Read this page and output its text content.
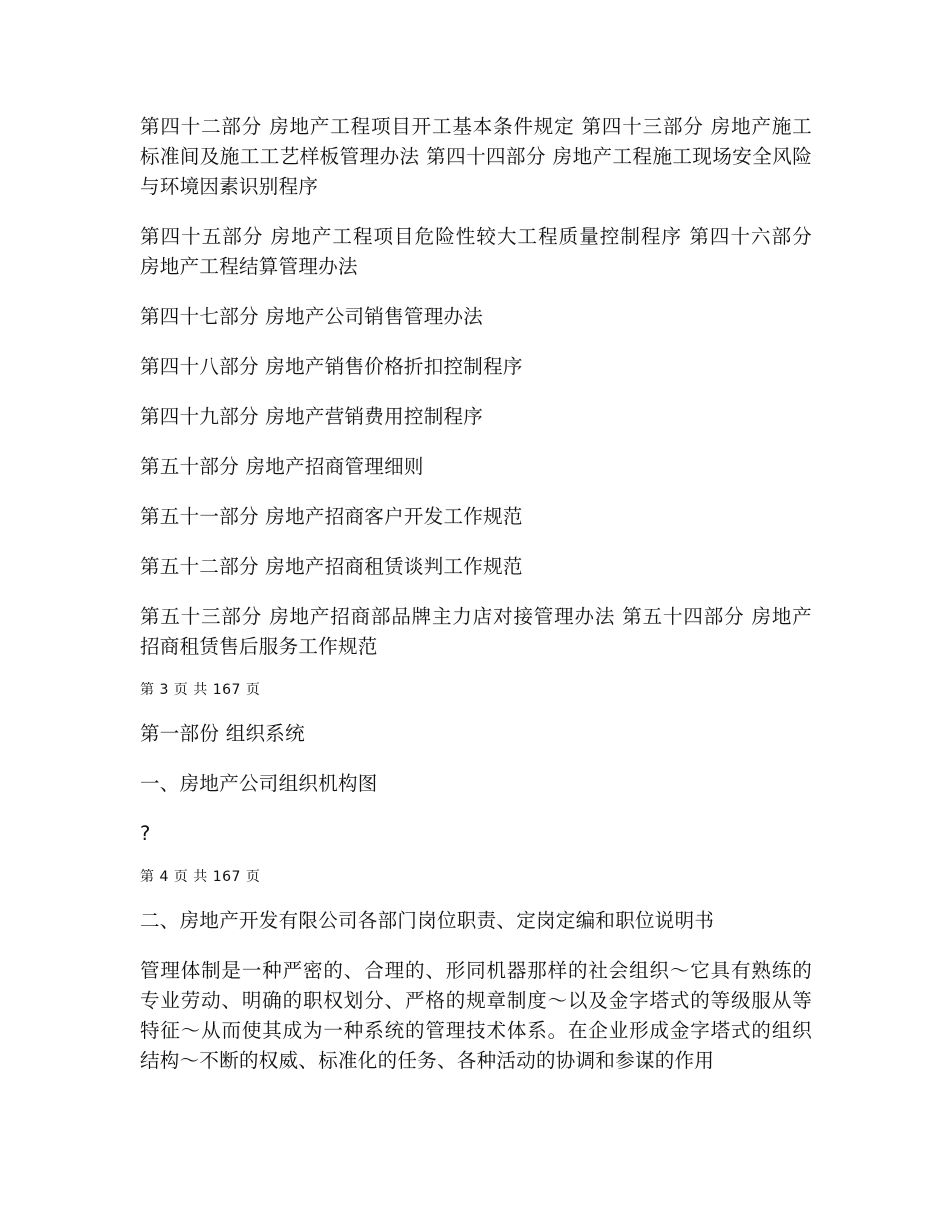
第四十二部分 房地产工程项目开工基本条件规定 第四十三部分 房地产施工标准间及施工工艺样板管理办法 第四十四部分 房地产工程施工现场安全风险与环境因素识别程序

第四十五部分 房地产工程项目危险性较大工程质量控制程序 第四十六部分 房地产工程结算管理办法

第四十七部分 房地产公司销售管理办法

第四十八部分 房地产销售价格折扣控制程序

第四十九部分 房地产营销费用控制程序

第五十部分 房地产招商管理细则

第五十一部分 房地产招商客户开发工作规范

第五十二部分 房地产招商租赁谈判工作规范

第五十三部分 房地产招商部品牌主力店对接管理办法 第五十四部分 房地产招商租赁售后服务工作规范

第 3 页 共 167 页

第一部份 组织系统

一、房地产公司组织机构图

?

第 4 页 共 167 页

二、房地产开发有限公司各部门岗位职责、定岗定编和职位说明书

管理体制是一种严密的、合理的、形同机器那样的社会组织～它具有熟练的专业劳动、明确的职权划分、严格的规章制度～以及金字塔式的等级服从等特征～从而使其成为一种系统的管理技术体系。在企业形成金字塔式的组织结构～不断的权威、标准化的任务、各种活动的协调和参谋的作用
